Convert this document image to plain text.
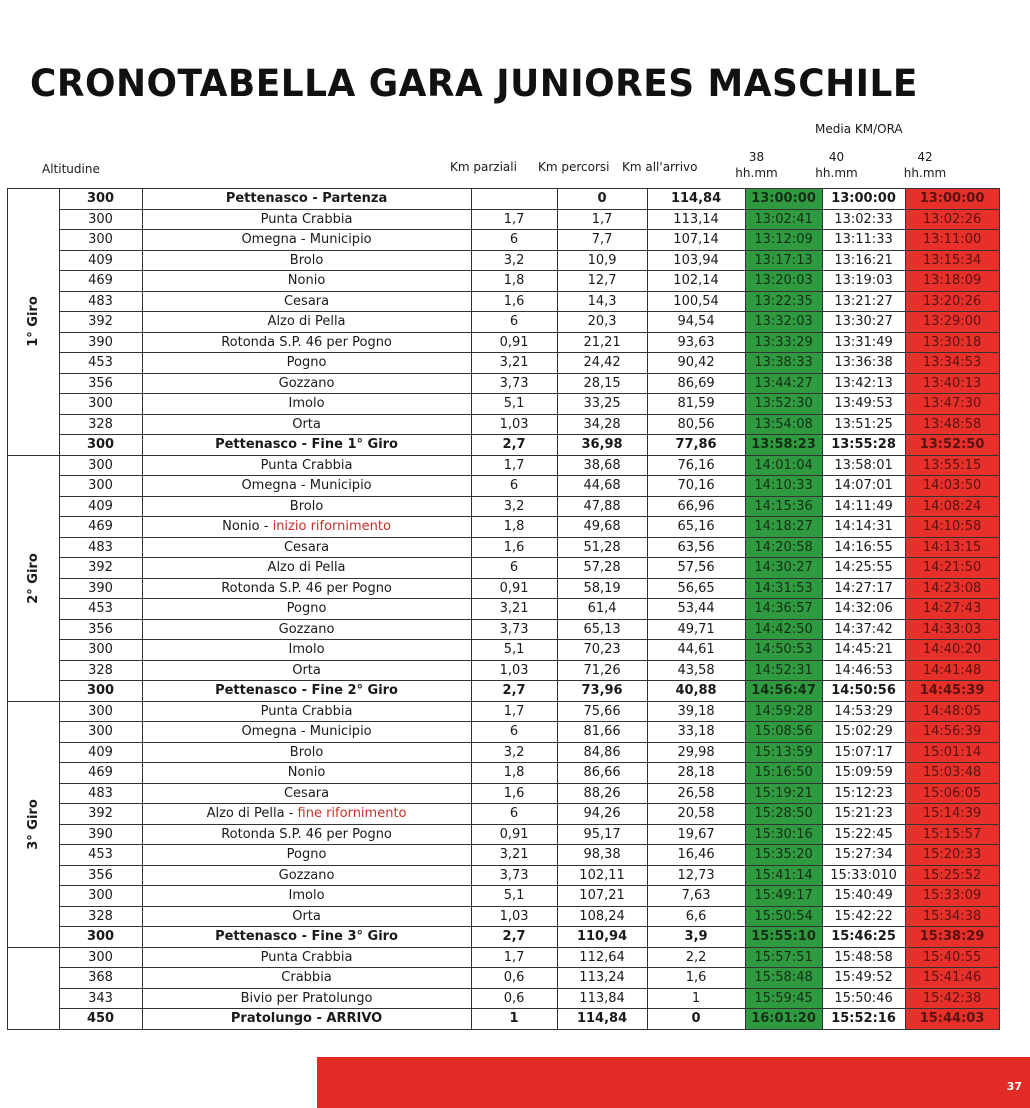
CRONOTABELLA GARA JUNIORES MASCHILE
Media KM/ORA
Altitudine	Km parziali Km percorsi Km all'arrivo
38
hh.mm
40
hh.mm
42
hh.mm
1° Giro	300	Pettenasco - Partenza		0	114,84	13:00:00	13:00:00	13:00:00
	300	Punta Crabbia	1,7	1,7	113,14	13:02:41	13:02:33	13:02:26
	300	Omegna - Municipio	6	7,7	107,14	13:12:09	13:11:33	13:11:00
	409	Brolo	3,2	10,9	103,94	13:17:13	13:16:21	13:15:34
	469	Nonio	1,8	12,7	102,14	13:20:03	13:19:03	13:18:09
	483	Cesara	1,6	14,3	100,54	13:22:35	13:21:27	13:20:26
	392	Alzo di Pella	6	20,3	94,54	13:32:03	13:30:27	13:29:00
	390	Rotonda S.P. 46 per Pogno	0,91	21,21	93,63	13:33:29	13:31:49	13:30:18
	453	Pogno	3,21	24,42	90,42	13:38:33	13:36:38	13:34:53
	356	Gozzano	3,73	28,15	86,69	13:44:27	13:42:13	13:40:13
	300	Imolo	5,1	33,25	81,59	13:52:30	13:49:53	13:47:30
	328	Orta	1,03	34,28	80,56	13:54:08	13:51:25	13:48:58
	300	Pettenasco - Fine 1° Giro	2,7	36,98	77,86	13:58:23	13:55:28	13:52:50
2° Giro	300	Punta Crabbia	1,7	38,68	76,16	14:01:04	13:58:01	13:55:15
	300	Omegna - Municipio	6	44,68	70,16	14:10:33	14:07:01	14:03:50
	409	Brolo	3,2	47,88	66,96	14:15:36	14:11:49	14:08:24
	469	Nonio - inizio rifornimento	1,8	49,68	65,16	14:18:27	14:14:31	14:10:58
	483	Cesara	1,6	51,28	63,56	14:20:58	14:16:55	14:13:15
	392	Alzo di Pella	6	57,28	57,56	14:30:27	14:25:55	14:21:50
	390	Rotonda S.P. 46 per Pogno	0,91	58,19	56,65	14:31:53	14:27:17	14:23:08
	453	Pogno	3,21	61,4	53,44	14:36:57	14:32:06	14:27:43
	356	Gozzano	3,73	65,13	49,71	14:42:50	14:37:42	14:33:03
	300	Imolo	5,1	70,23	44,61	14:50:53	14:45:21	14:40:20
	328	Orta	1,03	71,26	43,58	14:52:31	14:46:53	14:41:48
	300	Pettenasco - Fine 2° Giro	2,7	73,96	40,88	14:56:47	14:50:56	14:45:39
3° Giro	300	Punta Crabbia	1,7	75,66	39,18	14:59:28	14:53:29	14:48:05
	300	Omegna - Municipio	6	81,66	33,18	15:08:56	15:02:29	14:56:39
	409	Brolo	3,2	84,86	29,98	15:13:59	15:07:17	15:01:14
	469	Nonio	1,8	86,66	28,18	15:16:50	15:09:59	15:03:48
	483	Cesara	1,6	88,26	26,58	15:19:21	15:12:23	15:06:05
	392	Alzo di Pella - fine rifornimento	6	94,26	20,58	15:28:50	15:21:23	15:14:39
	390	Rotonda S.P. 46 per Pogno	0,91	95,17	19,67	15:30:16	15:22:45	15:15:57
	453	Pogno	3,21	98,38	16,46	15:35:20	15:27:34	15:20:33
	356	Gozzano	3,73	102,11	12,73	15:41:14	15:33:010	15:25:52
	300	Imolo	5,1	107,21	7,63	15:49:17	15:40:49	15:33:09
	328	Orta	1,03	108,24	6,6	15:50:54	15:42:22	15:34:38
	300	Pettenasco - Fine 3° Giro	2,7	110,94	3,9	15:55:10	15:46:25	15:38:29
	300	Punta Crabbia	1,7	112,64	2,2	15:57:51	15:48:58	15:40:55
	368	Crabbia	0,6	113,24	1,6	15:58:48	15:49:52	15:41:46
	343	Bivio per Pratolungo	0,6	113,84	1	15:59:45	15:50:46	15:42:38
	450	Pratolungo - ARRIVO	1	114,84	0	16:01:20	15:52:16	15:44:03
37
